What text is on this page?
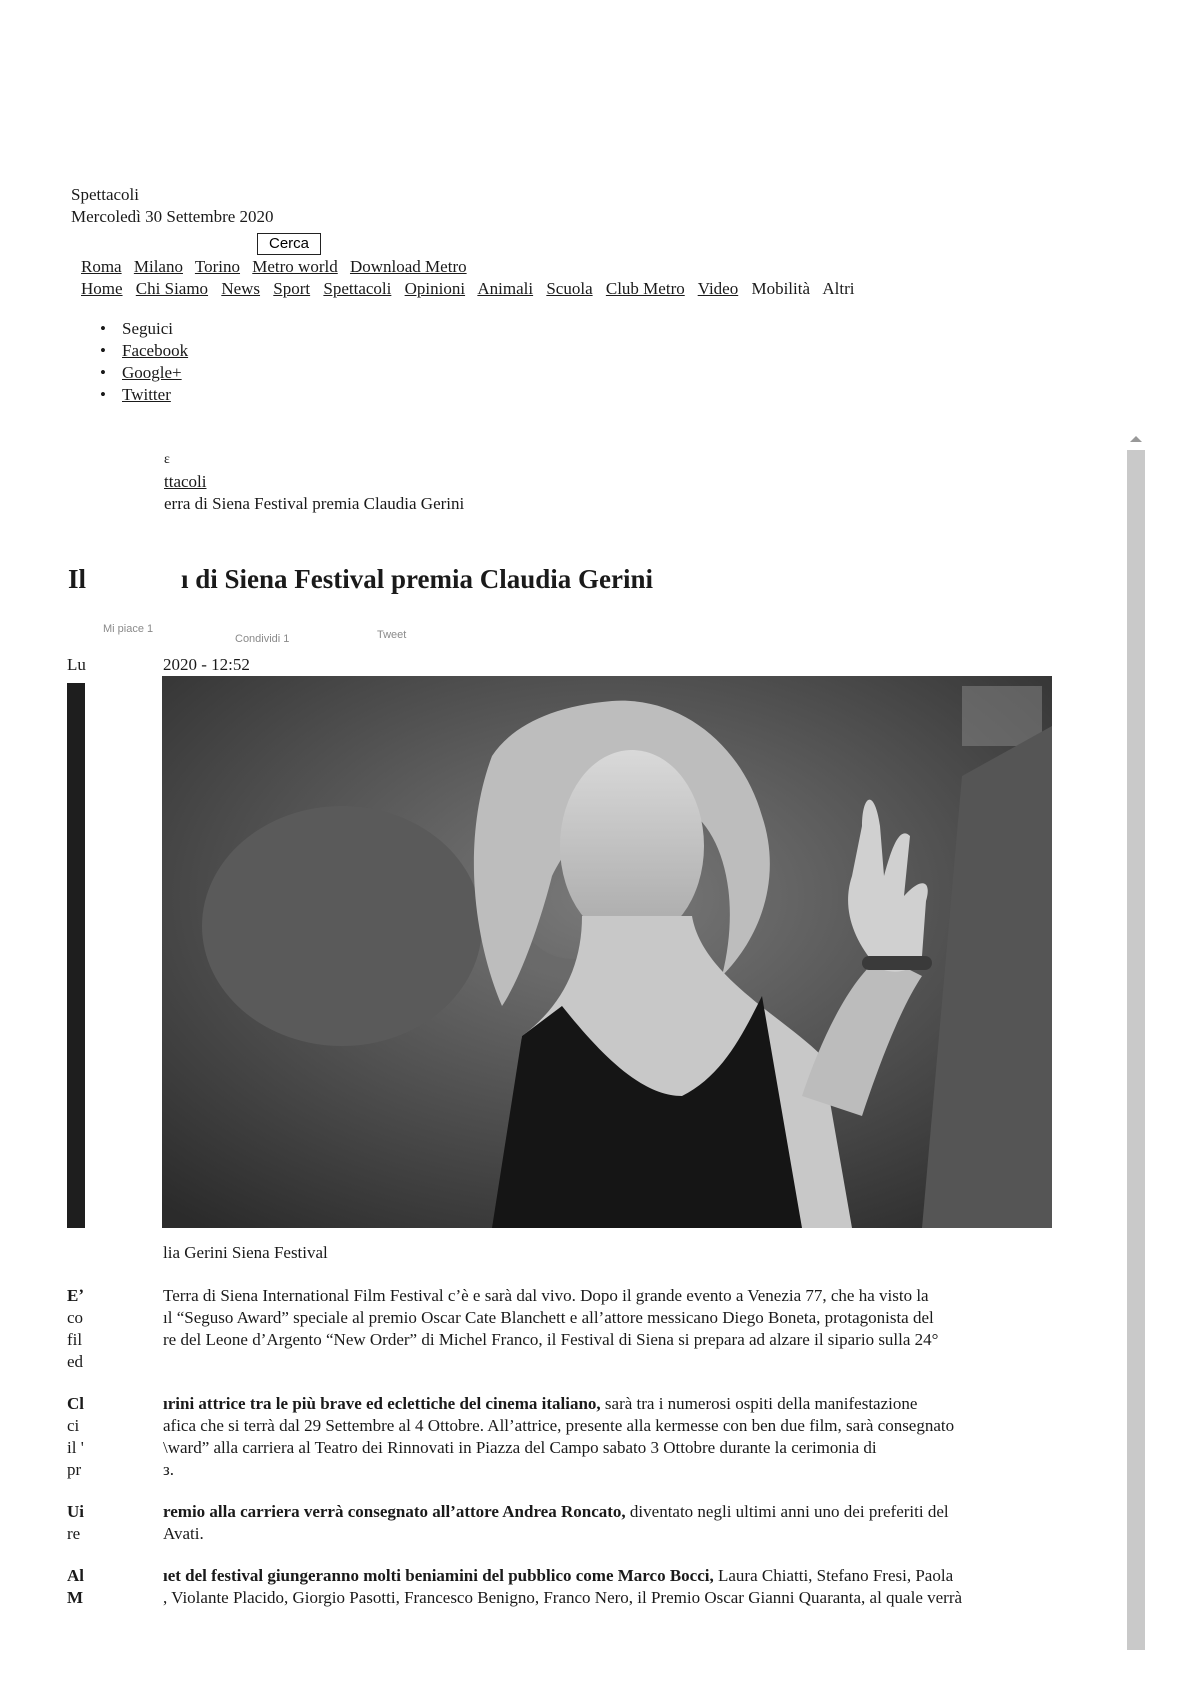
Spettacoli
Mercoledì 30 Settembre 2020
Cerca
Roma Milano Torino Metro world Download Metro
Home Chi Siamo News Sport Spettacoli Opinioni Animali Scuola Club Metro Video Mobilità Altri
• Seguici
• Facebook
• Google+
• Twitter
ε
ttacoli
erra di Siena Festival premia Claudia Gerini
Il	ı di Siena Festival premia Claudia Gerini
Mi piace 1
Condividi 1	Tweet
Lu	2020 - 12:52
lia Gerini Siena Festival
Eʼ	Terra di Siena International Film Festival c’è e sarà dal vivo. Dopo il grande evento a Venezia 77, che ha visto la
co	ıl “Seguso Award” speciale al premio Oscar Cate Blanchett e all’attore messicano Diego Boneta, protagonista del
fil	re del Leone d’Argento “New Order” di Michel Franco, il Festival di Siena si prepara ad alzare il sipario sulla 24°
ed
Cl	ırini attrice tra le più brave ed eclettiche del cinema italiano, sarà tra i numerosi ospiti della manifestazione
ci	afica che si terrà dal 29 Settembre al 4 Ottobre. All’attrice, presente alla kermesse con ben due film, sarà consegnato
il '	\ward” alla carriera al Teatro dei Rinnovati in Piazza del Campo sabato 3 Ottobre durante la cerimonia di
pr	з.
Ui	remio alla carriera verrà consegnato all’attore Andrea Roncato, diventato negli ultimi anni uno dei preferiti del
re	Avati.
Al	ıet del festival giungeranno molti beniamini del pubblico come Marco Bocci, Laura Chiatti, Stefano Fresi, Paola
M	, Violante Placido, Giorgio Pasotti, Francesco Benigno, Franco Nero, il Premio Oscar Gianni Quaranta, al quale verrà
